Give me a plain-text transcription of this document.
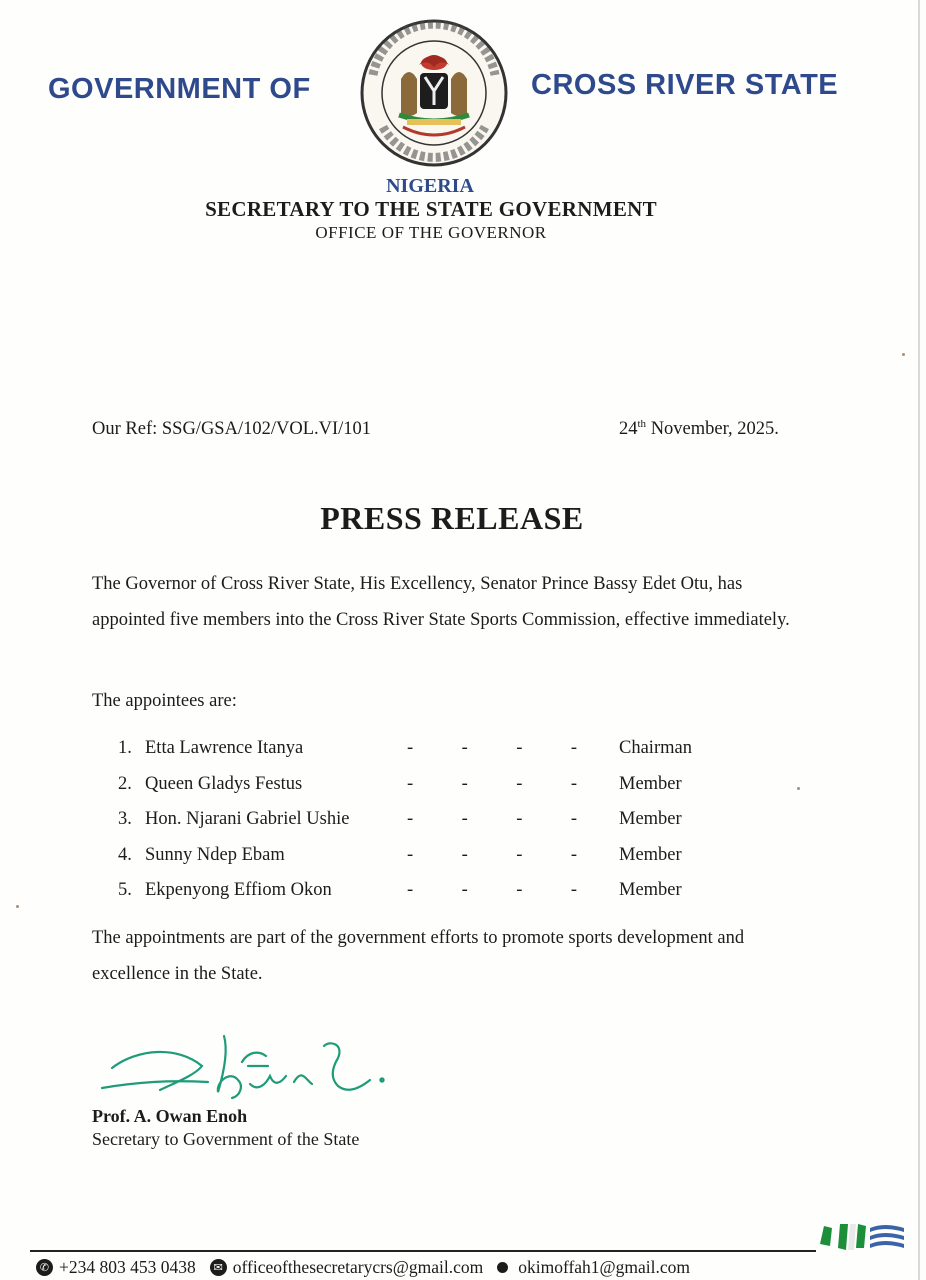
GOVERNMENT OF	CROSS RIVER STATE
NIGERIA
SECRETARY TO THE STATE GOVERNMENT
OFFICE OF THE GOVERNOR
Our Ref: SSG/GSA/102/VOL.VI/101	24th November, 2025.
PRESS RELEASE
The Governor of Cross River State, His Excellency, Senator Prince Bassy Edet Otu, has appointed five members into the Cross River State Sports Commission, effective immediately.
The appointees are:
1. Etta Lawrence Itanya	-	-	-	- Chairman
2. Queen Gladys Festus	-	-	-	- Member
3. Hon. Njarani Gabriel Ushie	-	-	-	- Member
4. Sunny Ndep Ebam	-	-	-	- Member
5. Ekpenyong Effiom Okon	-	-	-	- Member
The appointments are part of the government efforts to promote sports development and excellence in the State.
Prof. A. Owan Enoh
Secretary to Government of the State
✆ +234 803 453 0438	✉ officeofthesecretarycrs@gmail.com okimoffah1@gmail.com
